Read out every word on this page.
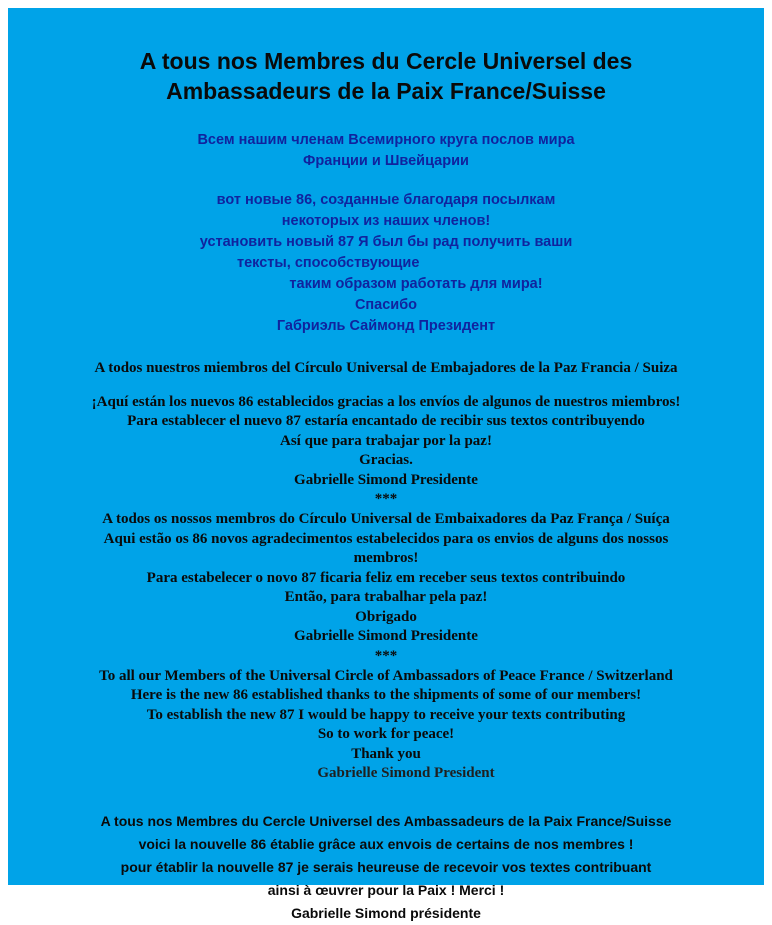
A tous nos Membres du Cercle Universel des
Ambassadeurs de la Paix France/Suisse
Всем нашим членам Всемирного круга послов мира
Франции и Швейцарии
вот новые 86, созданные благодаря посылкам
некоторых из наших членов!
установить новый 87 Я был бы рад получить ваши
тексты, способствующие
таким образом работать для мира!
Спасибо
Габриэль Саймонд Президент
A todos nuestros miembros del Círculo Universal de Embajadores de la Paz Francia / Suiza
¡Aquí están los nuevos 86 establecidos gracias a los envíos de algunos de nuestros miembros!
Para establecer el nuevo 87 estaría encantado de recibir sus textos contribuyendo
Así que para trabajar por la paz!
Gracias.
Gabrielle Simond Presidente
***
A todos os nossos membros do Círculo Universal de Embaixadores da Paz França / Suíça
Aqui estão os 86 novos agradecimentos estabelecidos para os envios de alguns dos nossos
membros!
Para estabelecer o novo 87 ficaria feliz em receber seus textos contribuindo
Então, para trabalhar pela paz!
Obrigado
Gabrielle Simond Presidente
***
To all our Members of the Universal Circle of Ambassadors of Peace France / Switzerland
Here is the new 86 established thanks to the shipments of some of our members!
To establish the new 87 I would be happy to receive your texts contributing
So to work for peace!
Thank you
Gabrielle Simond President
A tous nos Membres du Cercle Universel des Ambassadeurs de la Paix France/Suisse
voici la nouvelle 86 établie grâce aux envois de certains de nos membres !
pour établir la nouvelle 87 je serais heureuse de recevoir vos textes contribuant
ainsi à œuvrer pour la Paix ! Merci !
Gabrielle Simond présidente
